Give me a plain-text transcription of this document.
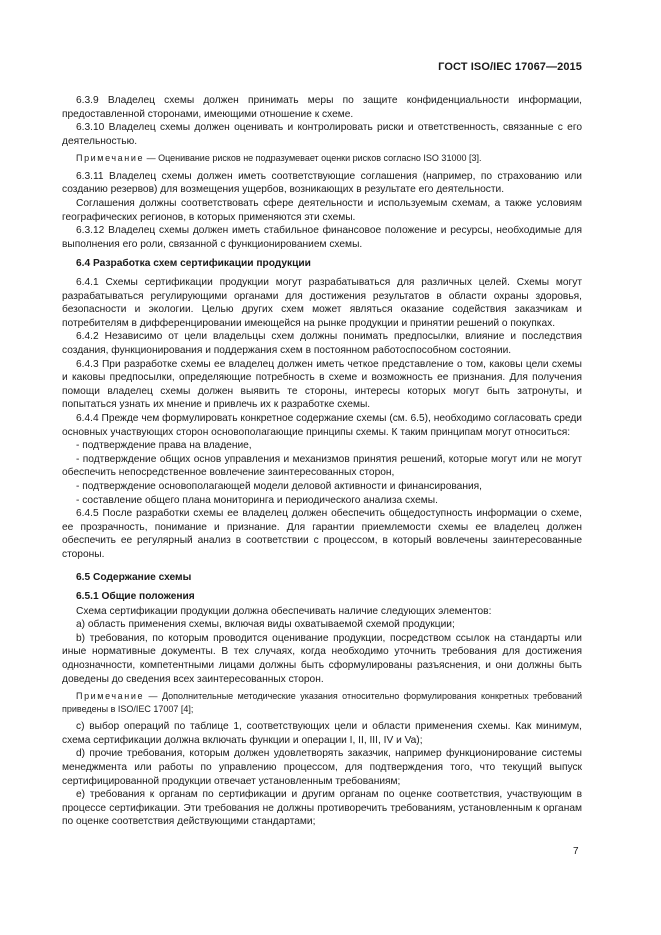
ГОСТ ISO/IEC 17067—2015

6.3.9 Владелец схемы должен принимать меры по защите конфиденциальности информации, предоставленной сторонами, имеющими отношение к схеме.

6.3.10 Владелец схемы должен оценивать и контролировать риски и ответственность, связанные с его деятельностью.

Примечание — Оценивание рисков не подразумевает оценки рисков согласно ISO 31000 [3].

6.3.11 Владелец схемы должен иметь соответствующие соглашения (например, по страхованию или созданию резервов) для возмещения ущербов, возникающих в результате его деятельности.

Соглашения должны соответствовать сфере деятельности и используемым схемам, а также условиям географических регионов, в которых применяются эти схемы.

6.3.12 Владелец схемы должен иметь стабильное финансовое положение и ресурсы, необходимые для выполнения его роли, связанной с функционированием схемы.

6.4 Разработка схем сертификации продукции

6.4.1 Схемы сертификации продукции могут разрабатываться для различных целей. Схемы могут разрабатываться регулирующими органами для достижения результатов в области охраны здоровья, безопасности и экологии. Целью других схем может являться оказание содействия заказчикам и потребителям в дифференцировании имеющейся на рынке продукции и принятии решений о покупках.

6.4.2 Независимо от цели владельцы схем должны понимать предпосылки, влияние и последствия создания, функционирования и поддержания схем в постоянном работоспособном состоянии.

6.4.3 При разработке схемы ее владелец должен иметь четкое представление о том, каковы цели схемы и каковы предпосылки, определяющие потребность в схеме и возможность ее признания. Для получения помощи владелец схемы должен выявить те стороны, интересы которых могут быть затронуты, и попытаться узнать их мнение и привлечь их к разработке схемы.

6.4.4 Прежде чем формулировать конкретное содержание схемы (см. 6.5), необходимо согласовать среди основных участвующих сторон основополагающие принципы схемы. К таким принципам могут относиться:

- подтверждение права на владение,

- подтверждение общих основ управления и механизмов принятия решений, которые могут или не могут обеспечить непосредственное вовлечение заинтересованных сторон,

- подтверждение основополагающей модели деловой активности и финансирования,

- составление общего плана мониторинга и периодического анализа схемы.

6.4.5 После разработки схемы ее владелец должен обеспечить общедоступность информации о схеме, ее прозрачность, понимание и признание. Для гарантии приемлемости схемы ее владелец должен обеспечить ее регулярный анализ в соответствии с процессом, в который вовлечены заинтересованные стороны.

6.5 Содержание схемы

6.5.1 Общие положения

Схема сертификации продукции должна обеспечивать наличие следующих элементов:

a) область применения схемы, включая виды охватываемой схемой продукции;

b) требования, по которым проводится оценивание продукции, посредством ссылок на стандарты или иные нормативные документы. В тех случаях, когда необходимо уточнить требования для достижения однозначности, компетентными лицами должны быть сформулированы разъяснения, и они должны быть доведены до сведения всех заинтересованных сторон.

Примечание — Дополнительные методические указания относительно формулирования конкретных требований приведены в ISO/IEC 17007 [4];

c) выбор операций по таблице 1, соответствующих цели и области применения схемы. Как минимум, схема сертификации должна включать функции и операции I, II, III, IV и Va);

d) прочие требования, которым должен удовлетворять заказчик, например функционирование системы менеджмента или работы по управлению процессом, для подтверждения того, что текущий выпуск сертифицированной продукции отвечает установленным требованиям;

e) требования к органам по сертификации и другим органам по оценке соответствия, участвующим в процессе сертификации. Эти требования не должны противоречить требованиям, установленным к органам по оценке соответствия действующими стандартами;

7
